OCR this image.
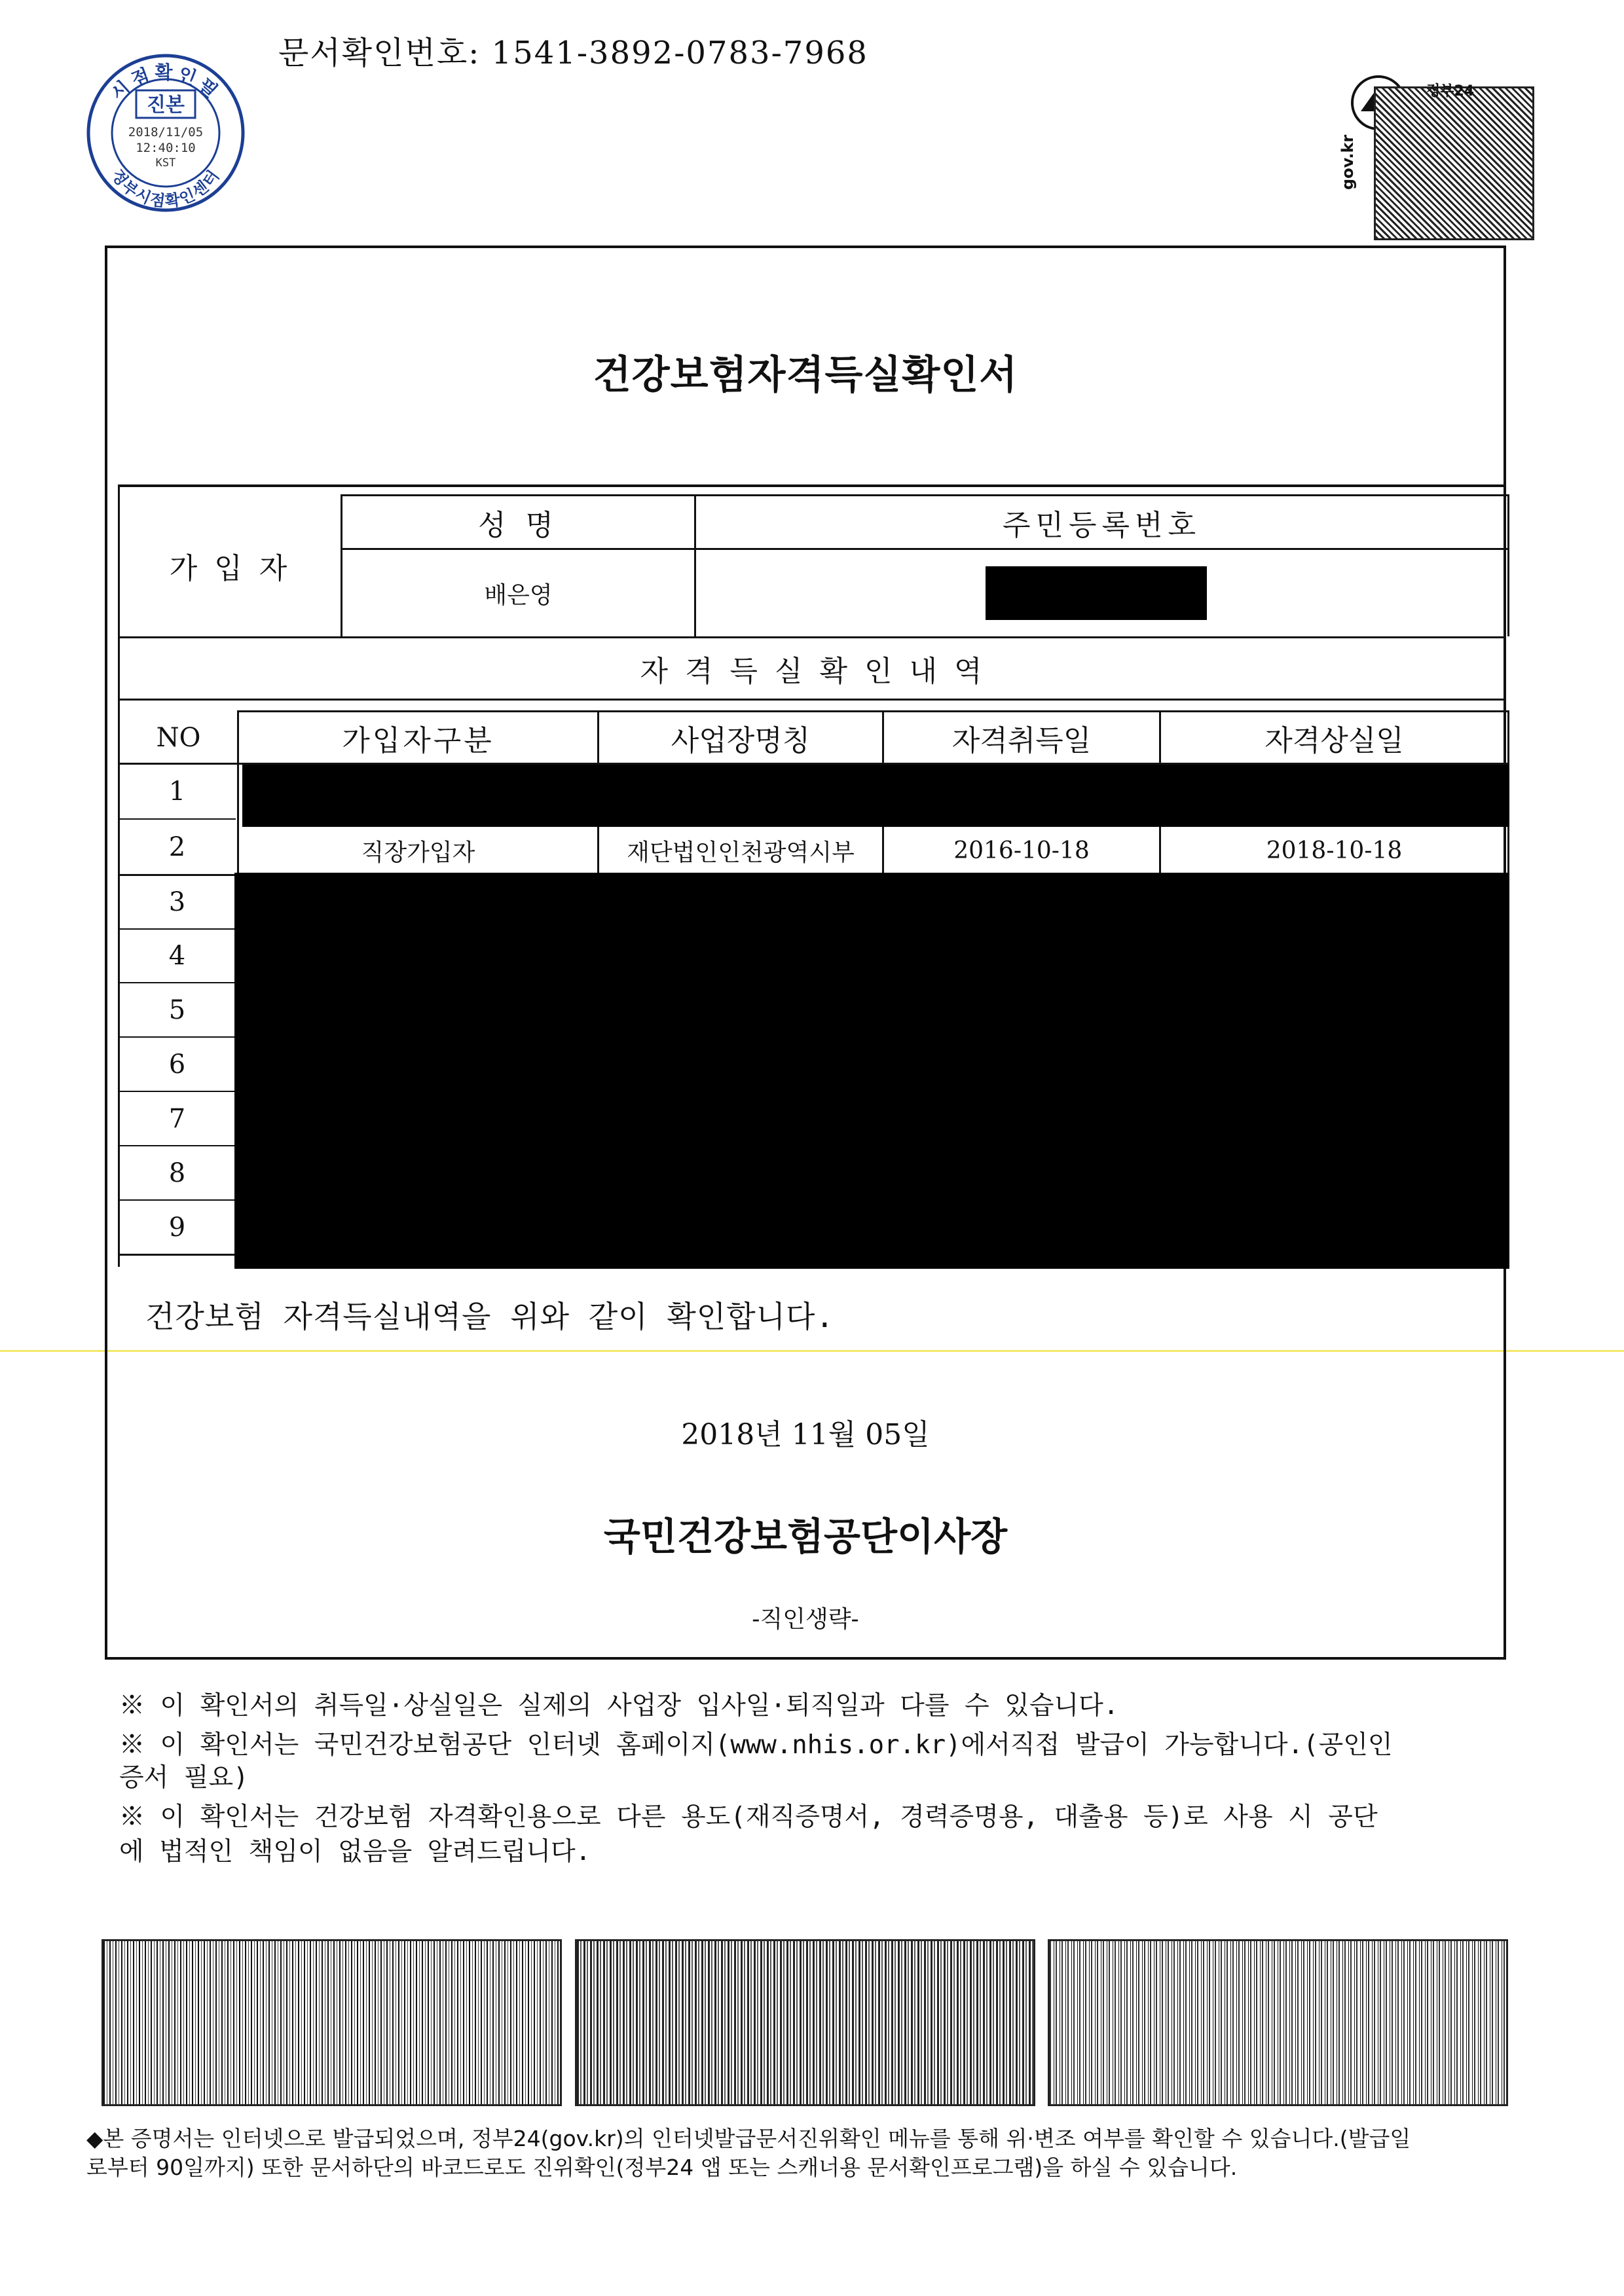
문서확인번호: 1541-3892-0783-7968
시점확인필
정부시점확인센터
진본
2018/11/05
12:40:10
KST
정부24
gov.kr
건강보험자격득실확인서
가 입 자
성 명	주민등록번호
배은영
자 격 득 실 확 인 내 역
NO	가입자구분	사업장명칭	자격취득일	자격상실일
1
2	직장가입자	재단법인인천광역시부	2016-10-18	2018-10-18
3
4
5
6
7
8
9
건강보험 자격득실내역을 위와 같이 확인합니다.
2018년 11월 05일
국민건강보험공단이사장
-직인생략-
※ 이 확인서의 취득일·상실일은 실제의 사업장 입사일·퇴직일과 다를 수 있습니다.
※ 이 확인서는 국민건강보험공단 인터넷 홈페이지(www.nhis.or.kr)에서직접 발급이 가능합니다.(공인인
증서 필요)
※ 이 확인서는 건강보험 자격확인용으로 다른 용도(재직증명서, 경력증명용, 대출용 등)로 사용 시 공단
에 법적인 책임이 없음을 알려드립니다.
◆본 증명서는 인터넷으로 발급되었으며, 정부24(gov.kr)의 인터넷발급문서진위확인 메뉴를 통해 위·변조 여부를 확인할 수 있습니다.(발급일
로부터 90일까지) 또한 문서하단의 바코드로도 진위확인(정부24 앱 또는 스캐너용 문서확인프로그램)을 하실 수 있습니다.
